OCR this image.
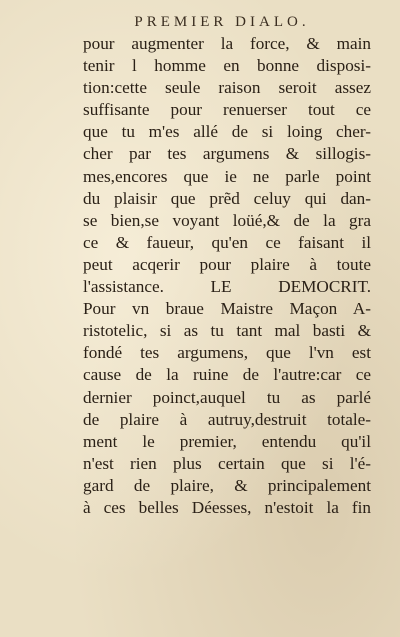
PREMIER DIALO.
pour augmenter la force, & main
tenir l homme en bonne disposi-
tion:cette seule raison seroit assez
suffisante pour renuerser tout ce
que tu m'es allé de si loing cher-
cher par tes argumens & sillogis-
mes,encores que ie ne parle point
du plaisir que prẽd celuy qui dan-
se bien,se voyant loüé,& de la gra
ce & faueur, qu'en ce faisant il
peut acqerir pour plaire à toute
l'assistance. LE DEMOCRIT.
Pour vn braue Maistre Maçon A-
ristotelic, si as tu tant mal basti &
fondé tes argumens, que l'vn est
cause de la ruine de l'autre:car ce
dernier poinct,auquel tu as parlé
de plaire à autruy,destruit totale-
ment le premier, entendu qu'il
n'est rien plus certain que si l'é-
gard de plaire, & principalement
à ces belles Déesses, n'estoit la fin
